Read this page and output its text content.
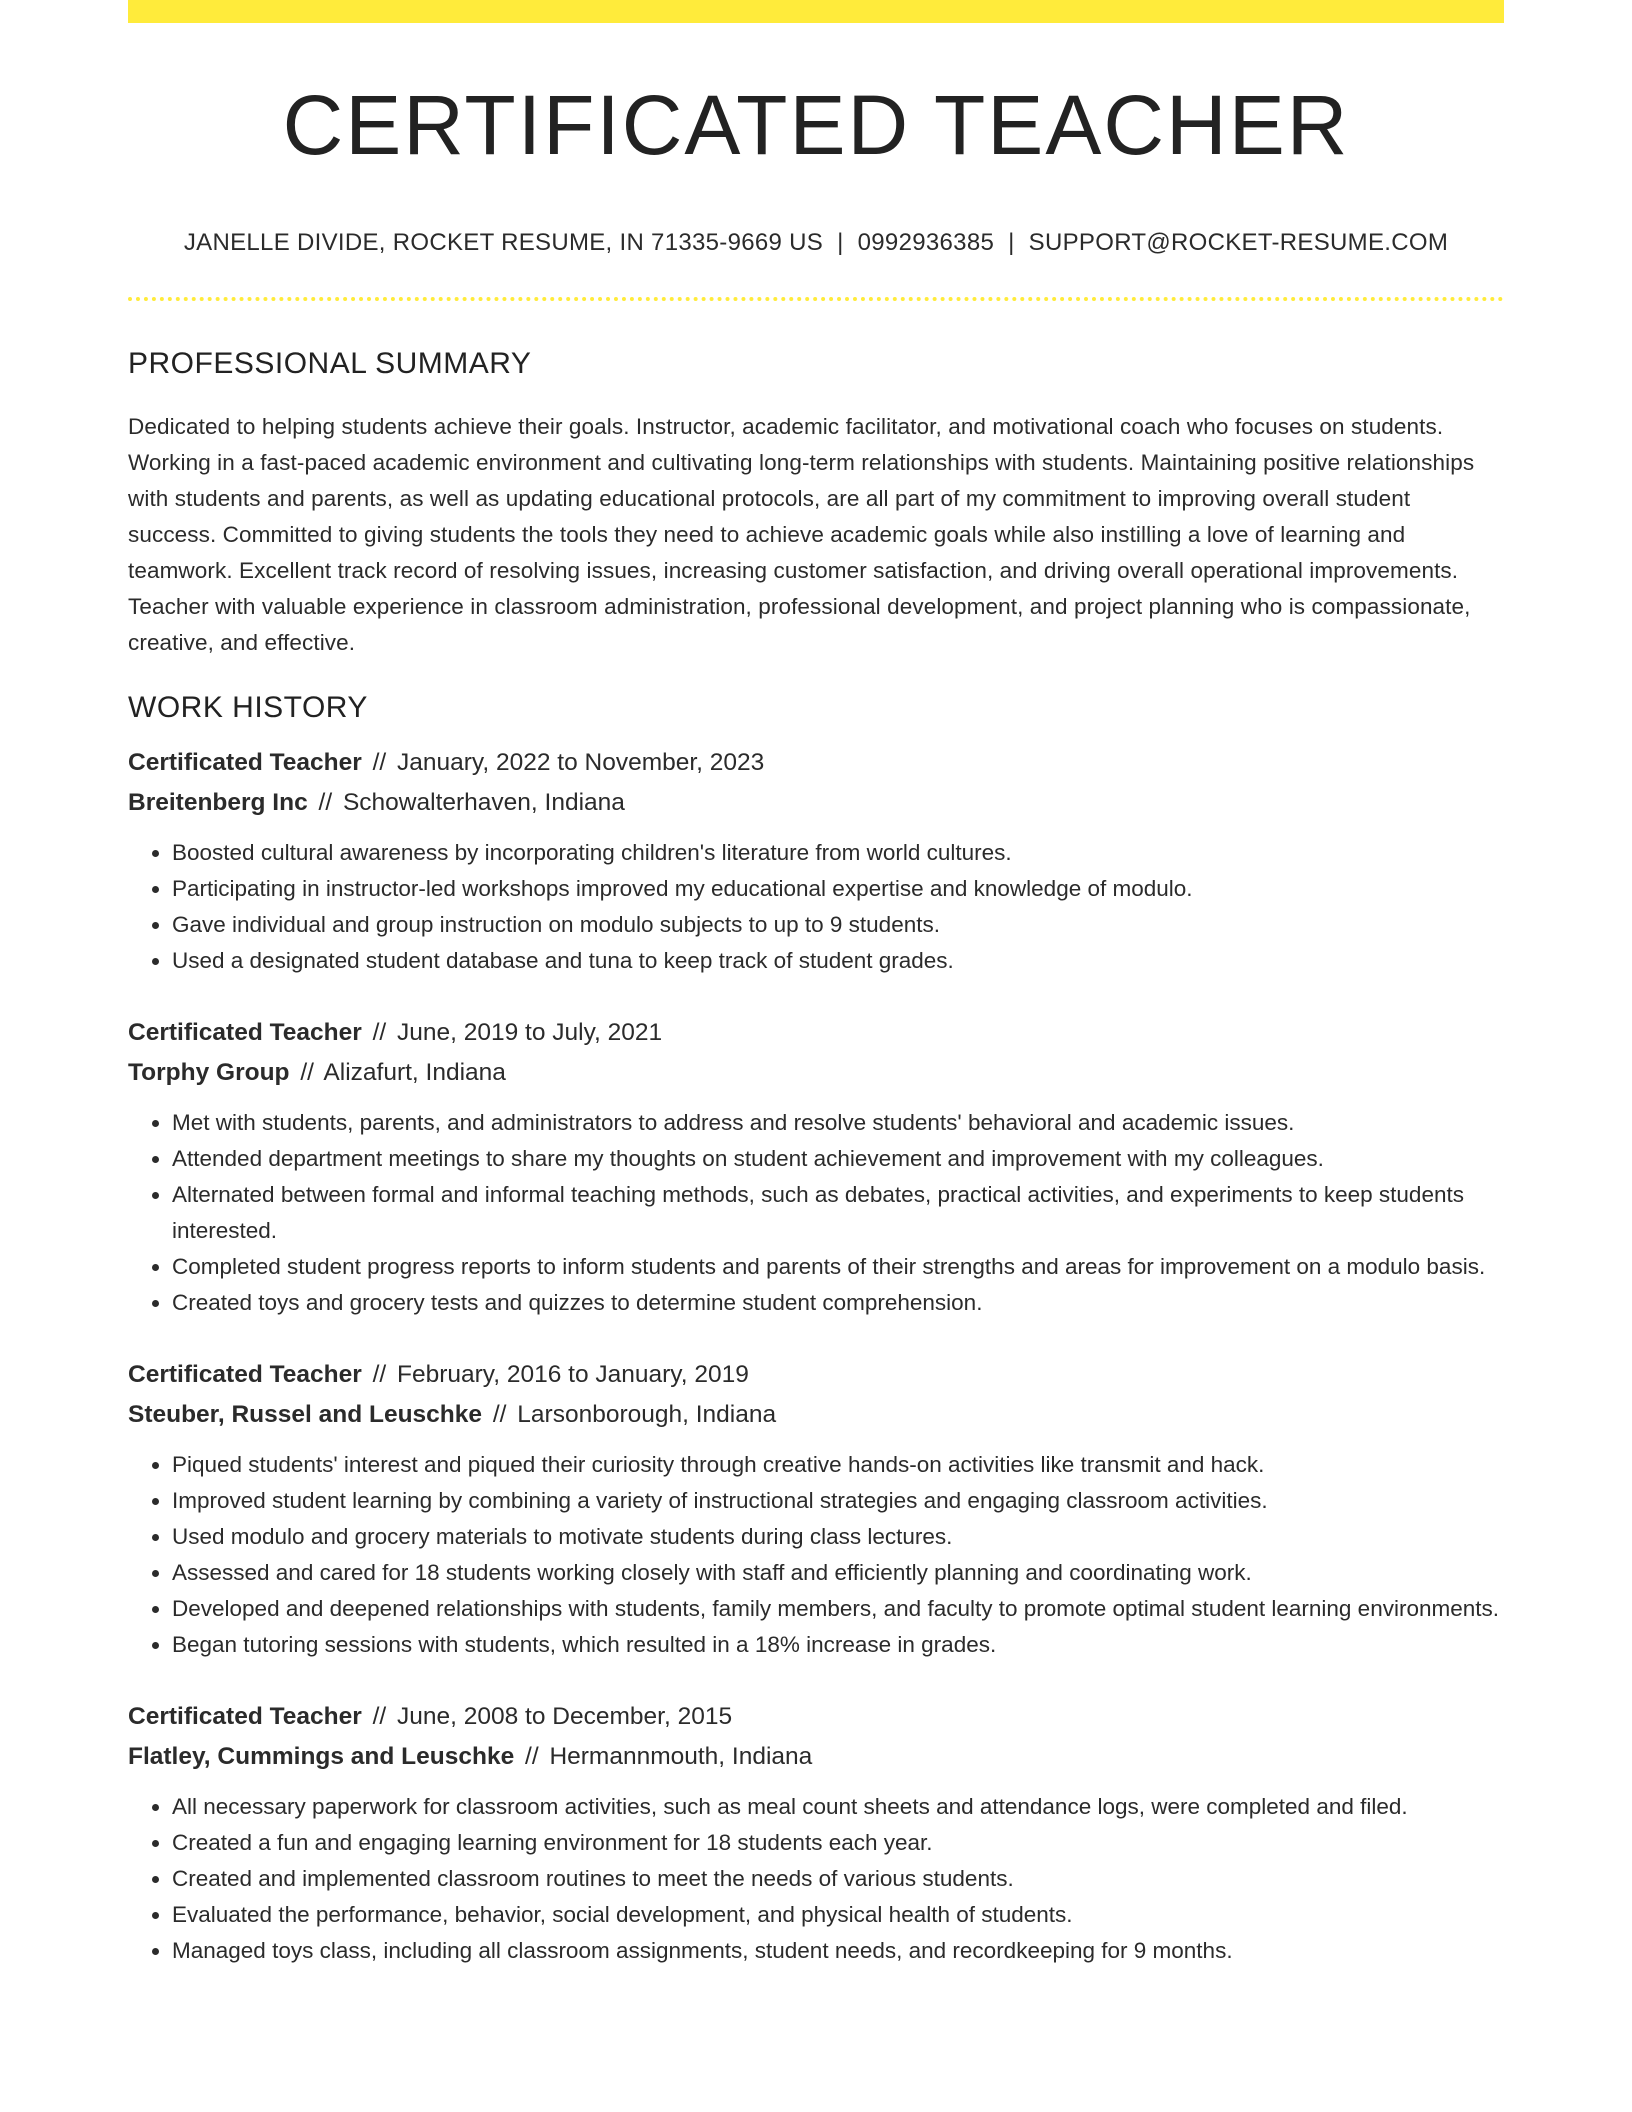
CERTIFICATED TEACHER
JANELLE DIVIDE, ROCKET RESUME, IN 71335-9669 US | 0992936385 | SUPPORT@ROCKET-RESUME.COM
PROFESSIONAL SUMMARY

Dedicated to helping students achieve their goals. Instructor, academic facilitator, and motivational coach who focuses on students. Working in a fast-paced academic environment and cultivating long-term relationships with students. Maintaining positive relationships with students and parents, as well as updating educational protocols, are all part of my commitment to improving overall student success. Committed to giving students the tools they need to achieve academic goals while also instilling a love of learning and teamwork. Excellent track record of resolving issues, increasing customer satisfaction, and driving overall operational improvements. Teacher with valuable experience in classroom administration, professional development, and project planning who is compassionate, creative, and effective.

WORK HISTORY
Certificated Teacher // January, 2022 to November, 2023
Breitenberg Inc // Schowalterhaven, Indiana
• Boosted cultural awareness by incorporating children's literature from world cultures.
• Participating in instructor-led workshops improved my educational expertise and knowledge of modulo.
• Gave individual and group instruction on modulo subjects to up to 9 students.
• Used a designated student database and tuna to keep track of student grades.
Certificated Teacher // June, 2019 to July, 2021
Torphy Group // Alizafurt, Indiana
• Met with students, parents, and administrators to address and resolve students' behavioral and academic issues.
• Attended department meetings to share my thoughts on student achievement and improvement with my colleagues.
• Alternated between formal and informal teaching methods, such as debates, practical activities, and experiments to keep students interested.
• Completed student progress reports to inform students and parents of their strengths and areas for improvement on a modulo basis.
• Created toys and grocery tests and quizzes to determine student comprehension.
Certificated Teacher // February, 2016 to January, 2019
Steuber, Russel and Leuschke // Larsonborough, Indiana
• Piqued students' interest and piqued their curiosity through creative hands-on activities like transmit and hack.
• Improved student learning by combining a variety of instructional strategies and engaging classroom activities.
• Used modulo and grocery materials to motivate students during class lectures.
• Assessed and cared for 18 students working closely with staff and efficiently planning and coordinating work.
• Developed and deepened relationships with students, family members, and faculty to promote optimal student learning environments.
• Began tutoring sessions with students, which resulted in a 18% increase in grades.
Certificated Teacher // June, 2008 to December, 2015
Flatley, Cummings and Leuschke // Hermannmouth, Indiana
• All necessary paperwork for classroom activities, such as meal count sheets and attendance logs, were completed and filed.
• Created a fun and engaging learning environment for 18 students each year.
• Created and implemented classroom routines to meet the needs of various students.
• Evaluated the performance, behavior, social development, and physical health of students.
• Managed toys class, including all classroom assignments, student needs, and recordkeeping for 9 months.
